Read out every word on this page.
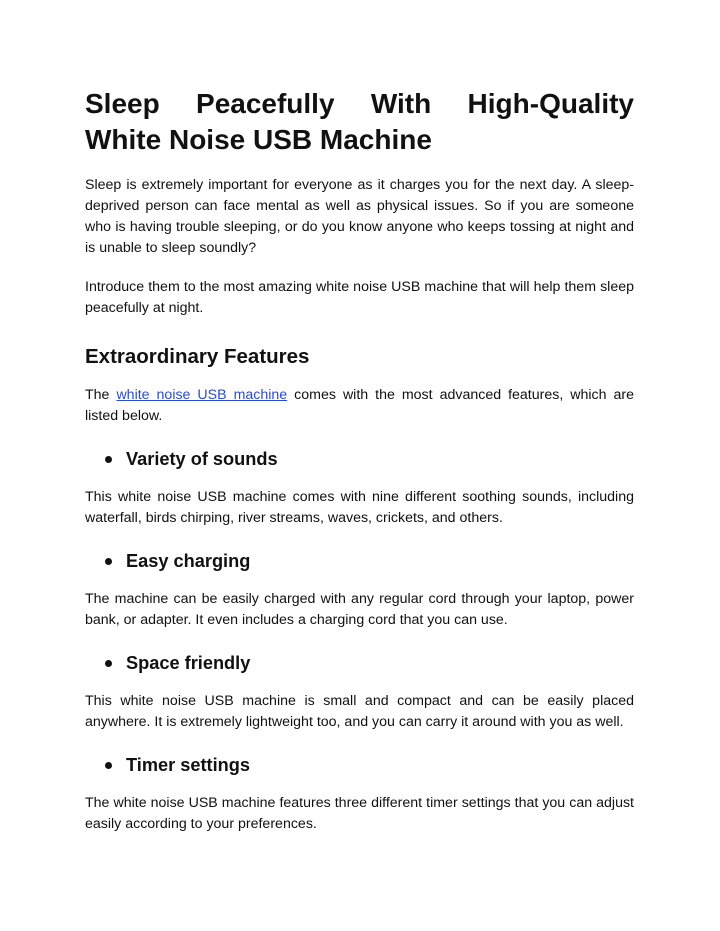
Sleep Peacefully With High-Quality
White Noise USB Machine

Sleep is extremely important for everyone as it charges you for the next day. A sleep-deprived person can face mental as well as physical issues. So if you are someone who is having trouble sleeping, or do you know anyone who keeps tossing at night and is unable to sleep soundly?

Introduce them to the most amazing white noise USB machine that will help them sleep peacefully at night.

Extraordinary Features

The white noise USB machine comes with the most advanced features, which are listed below.

Variety of sounds

This white noise USB machine comes with nine different soothing sounds, including waterfall, birds chirping, river streams, waves, crickets, and others.

Easy charging

The machine can be easily charged with any regular cord through your laptop, power bank, or adapter. It even includes a charging cord that you can use.

Space friendly

This white noise USB machine is small and compact and can be easily placed anywhere. It is extremely lightweight too, and you can carry it around with you as well.

Timer settings

The white noise USB machine features three different timer settings that you can adjust easily according to your preferences.
